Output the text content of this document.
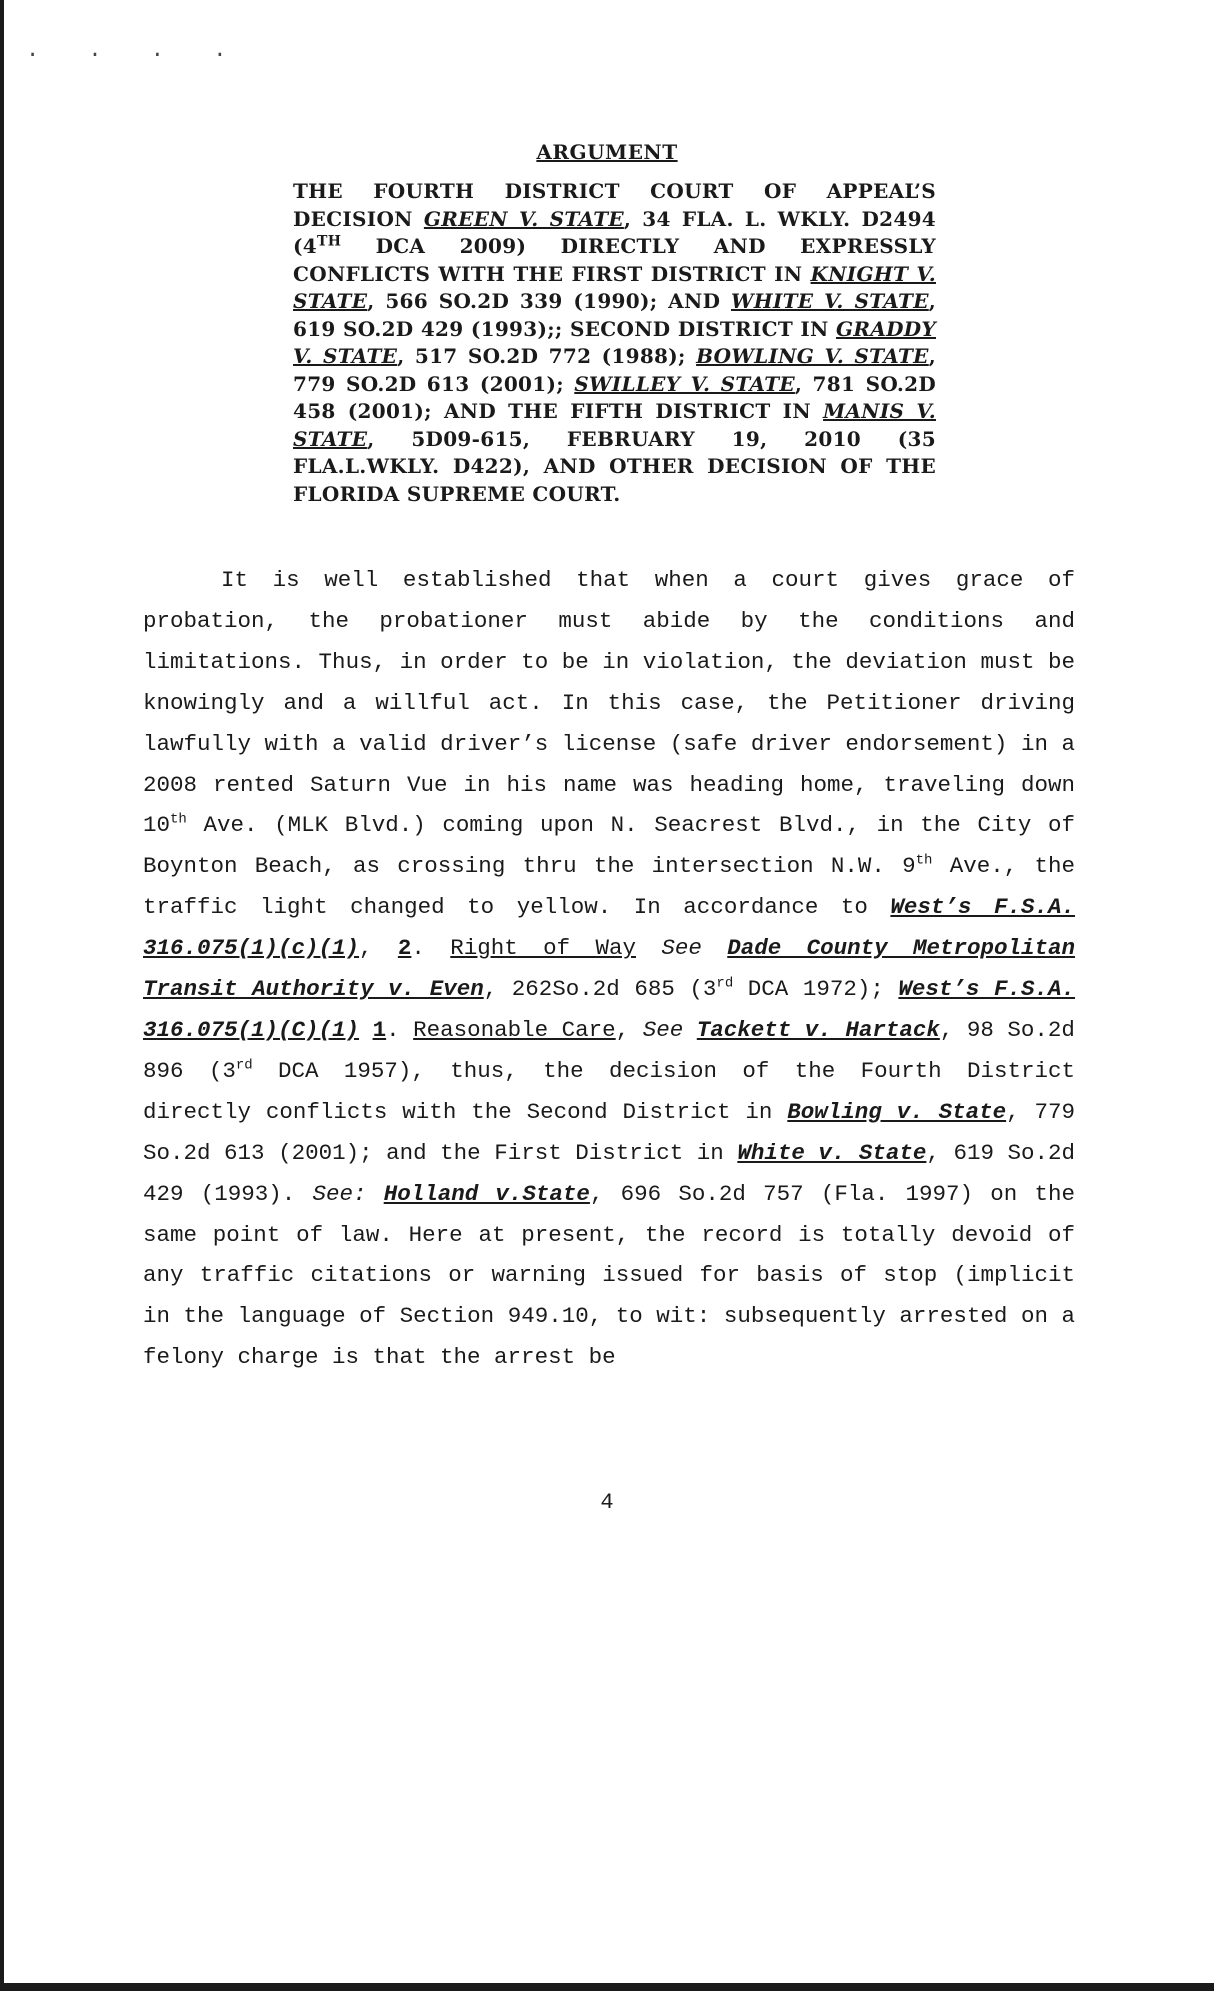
. . . .
ARGUMENT
THE FOURTH DISTRICT COURT OF APPEAL’S DECISION GREEN V. STATE, 34 FLA. L. WKLY. D2494 (4TH DCA 2009) DIRECTLY AND EXPRESSLY CONFLICTS WITH THE FIRST DISTRICT IN KNIGHT V. STATE, 566 SO.2D 339 (1990); AND WHITE V. STATE, 619 SO.2D 429 (1993);; SECOND DISTRICT IN GRADDY V. STATE, 517 SO.2D 772 (1988); BOWLING V. STATE, 779 SO.2D 613 (2001); SWILLEY V. STATE, 781 SO.2D 458 (2001); AND THE FIFTH DISTRICT IN MANIS V. STATE, 5D09-615, FEBRUARY 19, 2010 (35 FLA.L.WKLY. D422), AND OTHER DECISION OF THE FLORIDA SUPREME COURT.

It is well established that when a court gives grace of probation, the probationer must abide by the conditions and limitations. Thus, in order to be in violation, the deviation must be knowingly and a willful act. In this case, the Petitioner driving lawfully with a valid driver’s license (safe driver endorsement) in a 2008 rented Saturn Vue in his name was heading home, traveling down 10th Ave. (MLK Blvd.) coming upon N. Seacrest Blvd., in the City of Boynton Beach, as crossing thru the intersection N.W. 9th Ave., the traffic light changed to yellow. In accordance to West’s F.S.A. 316.075(1)(c)(1), 2. Right of Way See Dade County Metropolitan Transit Authority v. Even, 262So.2d 685 (3rd DCA 1972); West’s F.S.A. 316.075(1)(C)(1) 1. Reasonable Care, See Tackett v. Hartack, 98 So.2d 896 (3rd DCA 1957), thus, the decision of the Fourth District directly conflicts with the Second District in Bowling v. State, 779 So.2d 613 (2001); and the First District in White v. State, 619 So.2d 429 (1993). See: Holland v.State, 696 So.2d 757 (Fla. 1997) on the same point of law. Here at present, the record is totally devoid of any traffic citations or warning issued for basis of stop (implicit in the language of Section 949.10, to wit: subsequently arrested on a felony charge is that the arrest be

4
